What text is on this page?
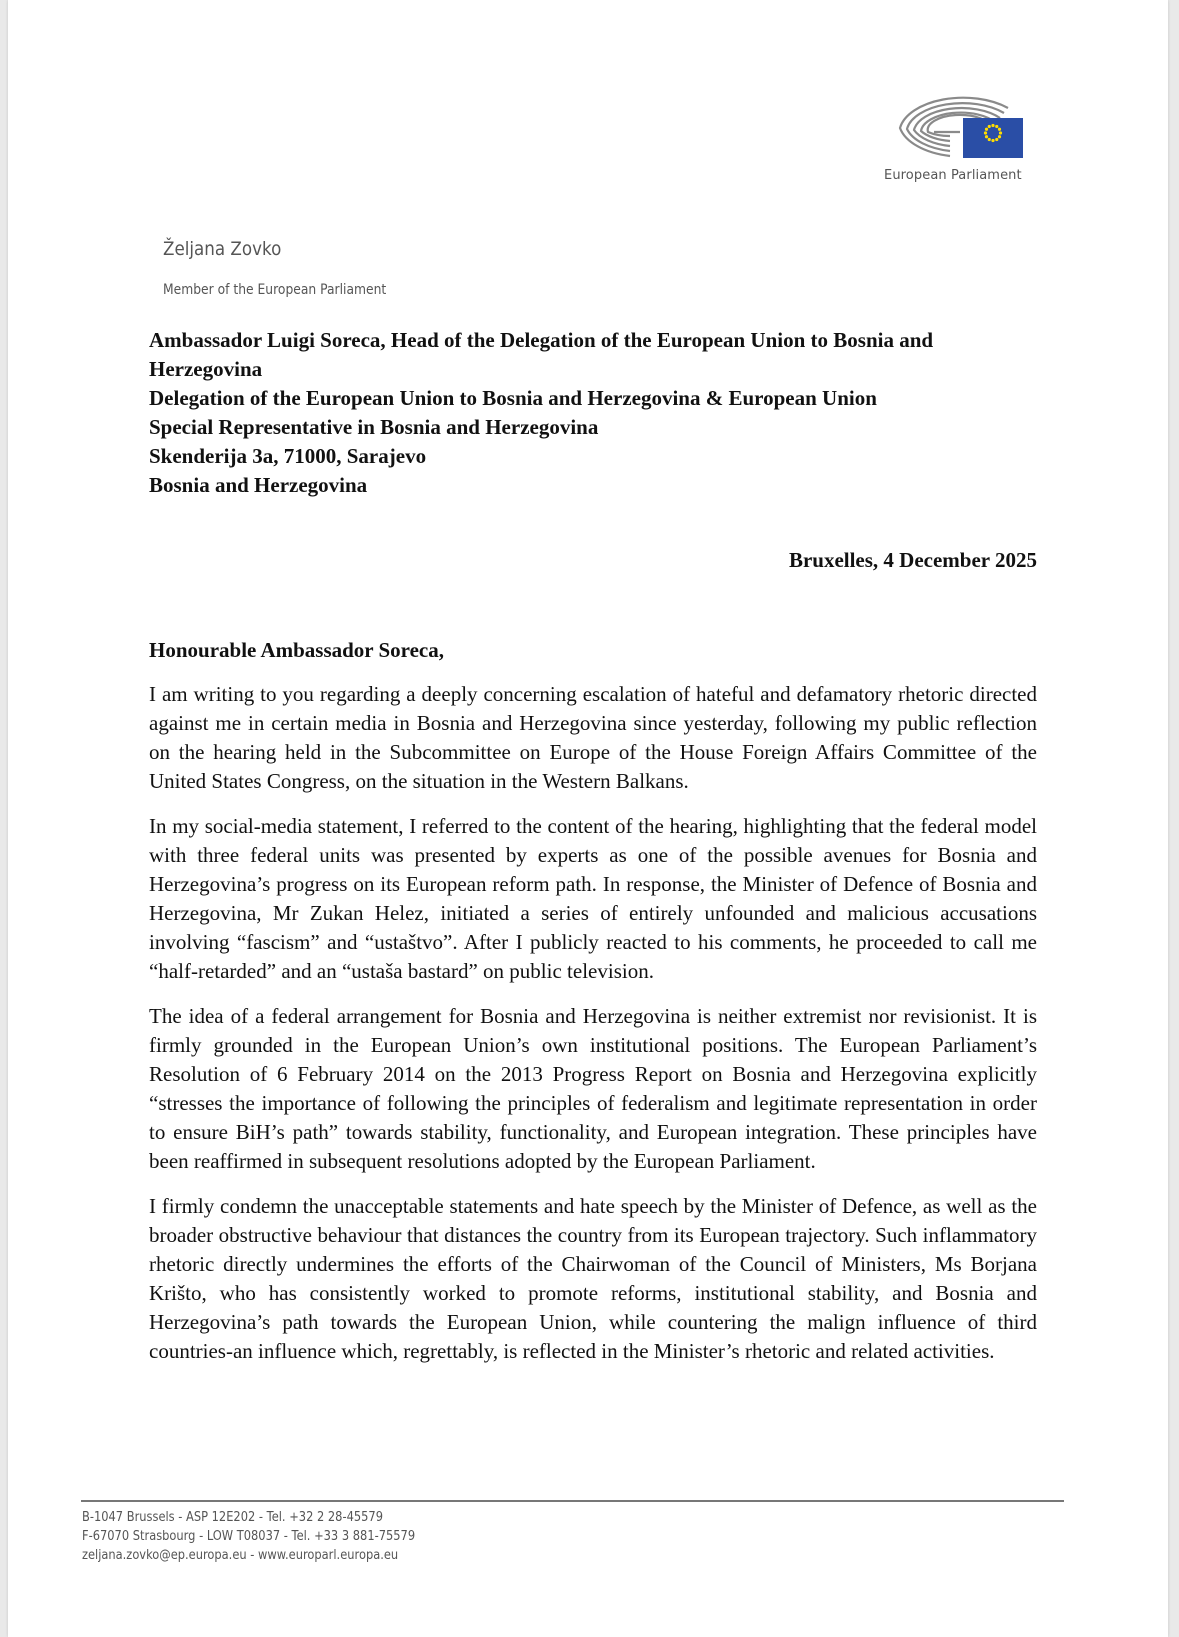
European Parliament
Željana Zovko
Member of the European Parliament
Ambassador Luigi Soreca, Head of the Delegation of the European Union to Bosnia and
Herzegovina
Delegation of the European Union to Bosnia and Herzegovina & European Union
Special Representative in Bosnia and Herzegovina
Skenderija 3a, 71000, Sarajevo
Bosnia and Herzegovina
Bruxelles, 4 December 2025
Honourable Ambassador Soreca,

I am writing to you regarding a deeply concerning escalation of hateful and defamatory rhetoric directed against me in certain media in Bosnia and Herzegovina since yesterday, following my public reflection on the hearing held in the Subcommittee on Europe of the House Foreign Affairs Committee of the United States Congress, on the situation in the Western Balkans.

In my social-media statement, I referred to the content of the hearing, highlighting that the federal model with three federal units was presented by experts as one of the possible avenues for Bosnia and Herzegovina’s progress on its European reform path. In response, the Minister of Defence of Bosnia and Herzegovina, Mr Zukan Helez, initiated a series of entirely unfounded and malicious accusations involving “fascism” and “ustaštvo”. After I publicly reacted to his comments, he proceeded to call me “half-retarded” and an “ustaša bastard” on public television.

The idea of a federal arrangement for Bosnia and Herzegovina is neither extremist nor revisionist. It is firmly grounded in the European Union’s own institutional positions. The European Parliament’s Resolution of 6 February 2014 on the 2013 Progress Report on Bosnia and Herzegovina explicitly “stresses the importance of following the principles of federalism and legitimate representation in order to ensure BiH’s path” towards stability, functionality, and European integration. These principles have been reaffirmed in subsequent resolutions adopted by the European Parliament.

I firmly condemn the unacceptable statements and hate speech by the Minister of Defence, as well as the broader obstructive behaviour that distances the country from its European trajectory. Such inflammatory rhetoric directly undermines the efforts of the Chairwoman of the Council of Ministers, Ms Borjana Krišto, who has consistently worked to promote reforms, institutional stability, and Bosnia and Herzegovina’s path towards the European Union, while countering the malign influence of third countries-an influence which, regrettably, is reflected in the Minister’s rhetoric and related activities.

B-1047 Brussels - ASP 12E202 - Tel. +32 2 28-45579
F-67070 Strasbourg - LOW T08037 - Tel. +33 3 881-75579
zeljana.zovko@ep.europa.eu - www.europarl.europa.eu
